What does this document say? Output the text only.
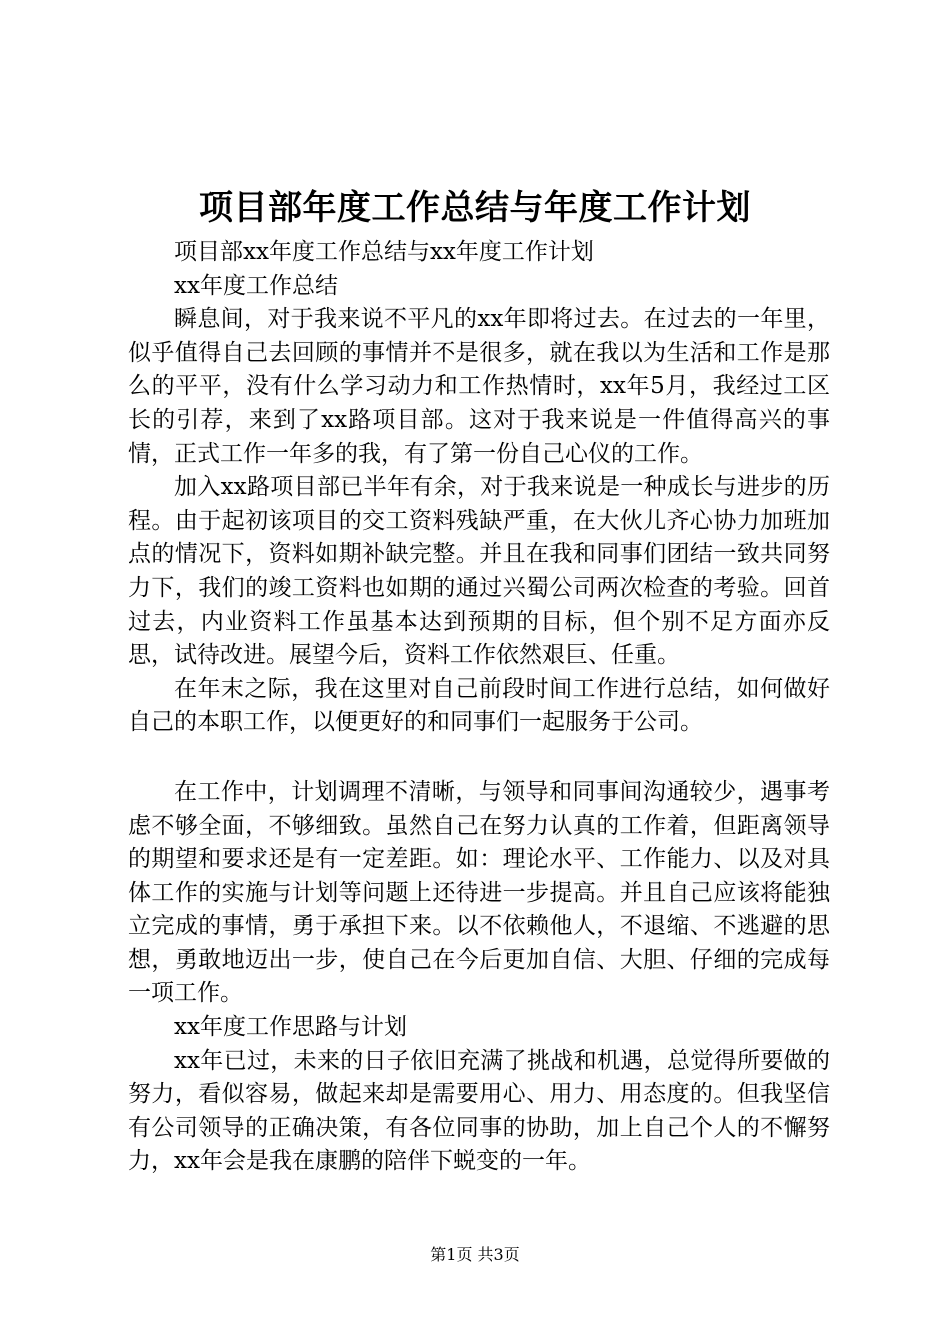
项目部年度工作总结与年度工作计划

项目部xx年度工作总结与xx年度工作计划

xx年度工作总结

瞬息间，对于我来说不平凡的xx年即将过去。在过去的一年里，似乎值得自己去回顾的事情并不是很多，就在我以为生活和工作是那么的平平，没有什么学习动力和工作热情时，xx年5月，我经过工区长的引荐，来到了xx路项目部。这对于我来说是一件值得高兴的事情，正式工作一年多的我，有了第一份自己心仪的工作。

加入xx路项目部已半年有余，对于我来说是一种成长与进步的历程。由于起初该项目的交工资料残缺严重，在大伙儿齐心协力加班加点的情况下，资料如期补缺完整。并且在我和同事们团结一致共同努力下，我们的竣工资料也如期的通过兴蜀公司两次检查的考验。回首过去，内业资料工作虽基本达到预期的目标，但个别不足方面亦反思，试待改进。展望今后，资料工作依然艰巨、任重。

在年末之际，我在这里对自己前段时间工作进行总结，如何做好自己的本职工作，以便更好的和同事们一起服务于公司。

在工作中，计划调理不清晰，与领导和同事间沟通较少，遇事考虑不够全面，不够细致。虽然自己在努力认真的工作着，但距离领导的期望和要求还是有一定差距。如：理论水平、工作能力、以及对具体工作的实施与计划等问题上还待进一步提高。并且自己应该将能独立完成的事情，勇于承担下来。以不依赖他人，不退缩、不逃避的思想，勇敢地迈出一步，使自己在今后更加自信、大胆、仔细的完成每一项工作。

xx年度工作思路与计划

xx年已过，未来的日子依旧充满了挑战和机遇，总觉得所要做的努力，看似容易，做起来却是需要用心、用力、用态度的。但我坚信有公司领导的正确决策，有各位同事的协助，加上自己个人的不懈努力，xx年会是我在康鹏的陪伴下蜕变的一年。

第1页 共3页
